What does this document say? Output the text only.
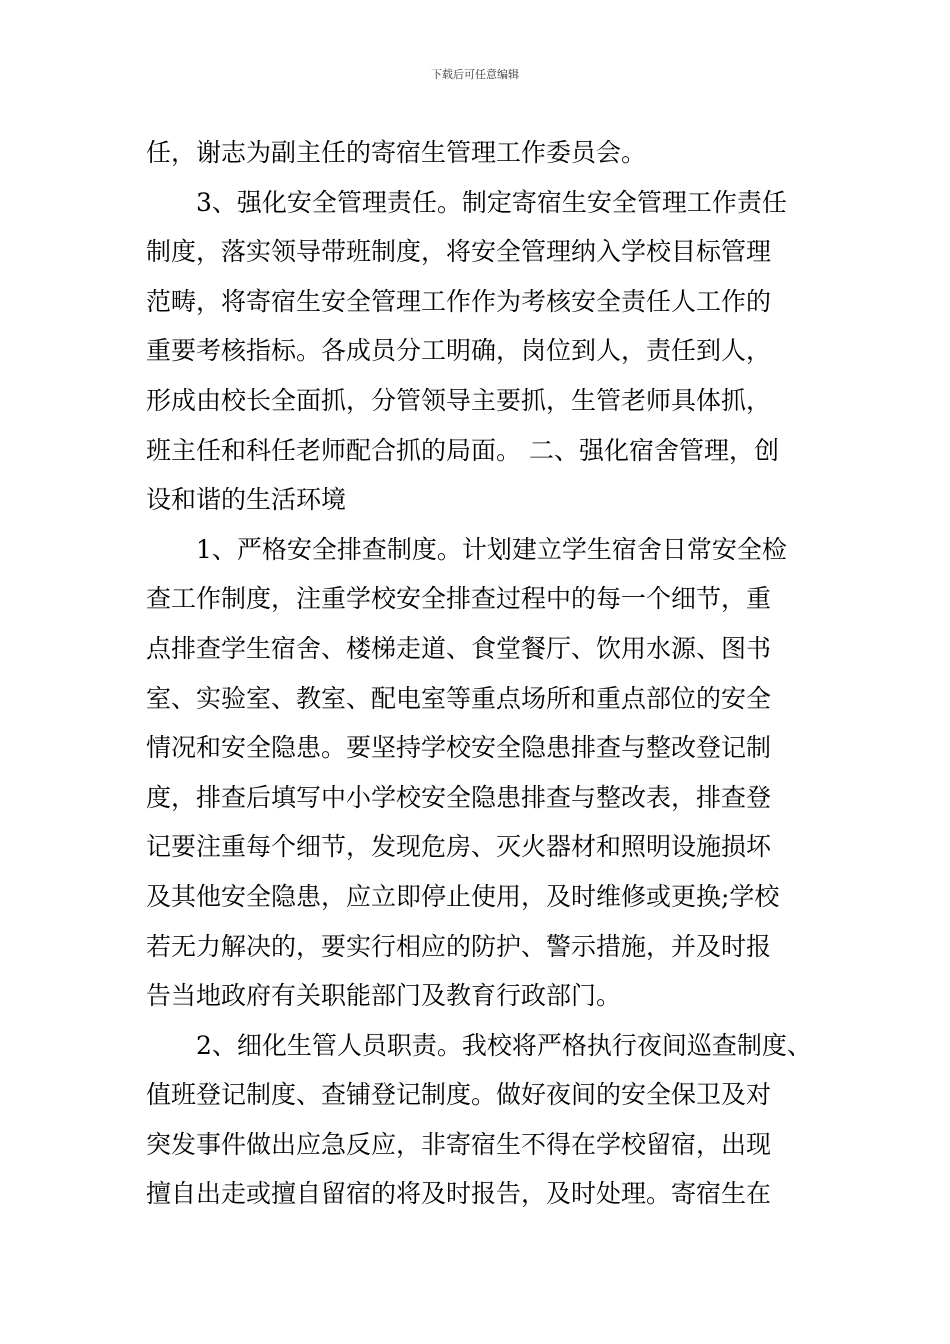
下载后可任意编辑
任，谢志为副主任的寄宿生管理工作委员会。
3、强化安全管理责任。制定寄宿生安全管理工作责任
制度，落实领导带班制度，将安全管理纳入学校目标管理
范畴，将寄宿生安全管理工作作为考核安全责任人工作的
重要考核指标。各成员分工明确，岗位到人，责任到人，
形成由校长全面抓，分管领导主要抓，生管老师具体抓，
班主任和科任老师配合抓的局面。 二、强化宿舍管理，创
设和谐的生活环境
1、严格安全排查制度。计划建立学生宿舍日常安全检
查工作制度，注重学校安全排查过程中的每一个细节，重
点排查学生宿舍、楼梯走道、食堂餐厅、饮用水源、图书
室、实验室、教室、配电室等重点场所和重点部位的安全
情况和安全隐患。要坚持学校安全隐患排查与整改登记制
度，排查后填写中小学校安全隐患排查与整改表，排查登
记要注重每个细节，发现危房、灭火器材和照明设施损坏
及其他安全隐患，应立即停止使用，及时维修或更换;学校
若无力解决的，要实行相应的防护、警示措施，并及时报
告当地政府有关职能部门及教育行政部门。
2、细化生管人员职责。我校将严格执行夜间巡查制度、
值班登记制度、查铺登记制度。做好夜间的安全保卫及对
突发事件做出应急反应，非寄宿生不得在学校留宿，出现
擅自出走或擅自留宿的将及时报告，及时处理。寄宿生在
